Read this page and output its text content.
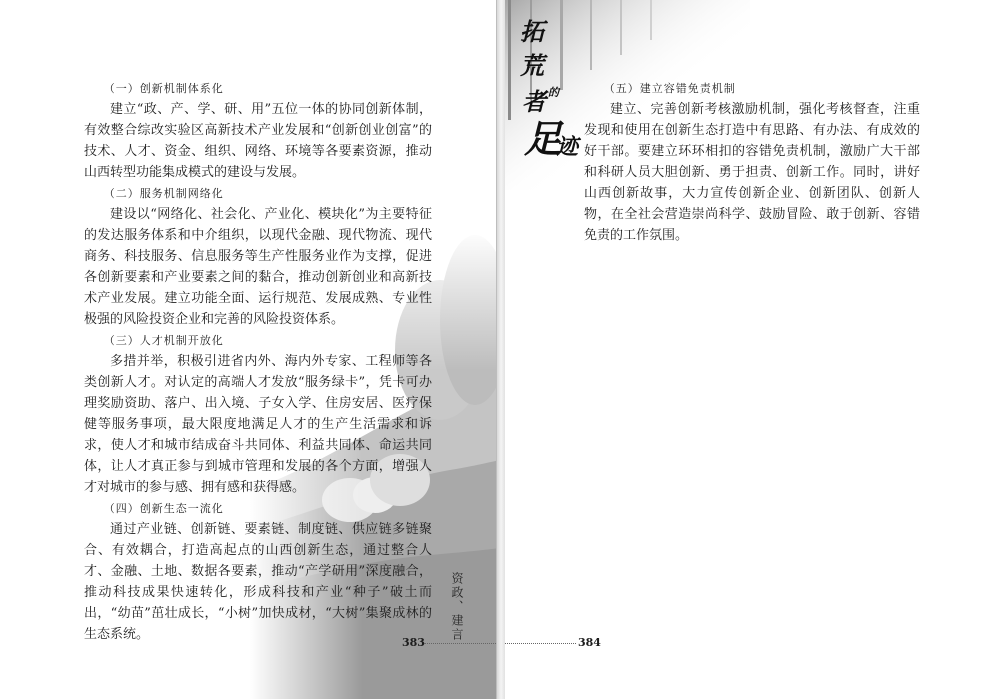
（一）创新机制体系化

建立“政、产、学、研、用”五位一体的协同创新体制，有效整合综改实验区高新技术产业发展和“创新创业创富”的技术、人才、资金、组织、网络、环境等各要素资源，推动山西转型功能集成模式的建设与发展。

（二）服务机制网络化

建设以“网络化、社会化、产业化、模块化”为主要特征的发达服务体系和中介组织，以现代金融、现代物流、现代商务、科技服务、信息服务等生产性服务业作为支撑，促进各创新要素和产业要素之间的黏合，推动创新创业和高新技术产业发展。建立功能全面、运行规范、发展成熟、专业性极强的风险投资企业和完善的风险投资体系。

（三）人才机制开放化

多措并举，积极引进省内外、海内外专家、工程师等各类创新人才。对认定的高端人才发放“服务绿卡”，凭卡可办理奖励资助、落户、出入境、子女入学、住房安居、医疗保健等服务事项，最大限度地满足人才的生产生活需求和诉求，使人才和城市结成奋斗共同体、利益共同体、命运共同体，让人才真正参与到城市管理和发展的各个方面，增强人才对城市的参与感、拥有感和获得感。

（四）创新生态一流化

通过产业链、创新链、要素链、制度链、供应链多链聚合、有效耦合，打造高起点的山西创新生态，通过整合人才、金融、土地、数据各要素，推动“产学研用”深度融合，推动科技成果快速转化，形成科技和产业“种子”破土而出，“幼苗”茁壮成长，“小树”加快成材，“大树”集聚成林的生态系统。	资政、建言
383
拓
荒
者 的
足
迹
（五）建立容错免责机制

建立、完善创新考核激励机制，强化考核督查，注重发现和使用在创新生态打造中有思路、有办法、有成效的好干部。要建立环环相扣的容错免责机制，激励广大干部和科研人员大胆创新、勇于担责、创新工作。同时，讲好山西创新故事，大力宣传创新企业、创新团队、创新人物，在全社会营造崇尚科学、鼓励冒险、敢于创新、容错免责的工作氛围。

384
